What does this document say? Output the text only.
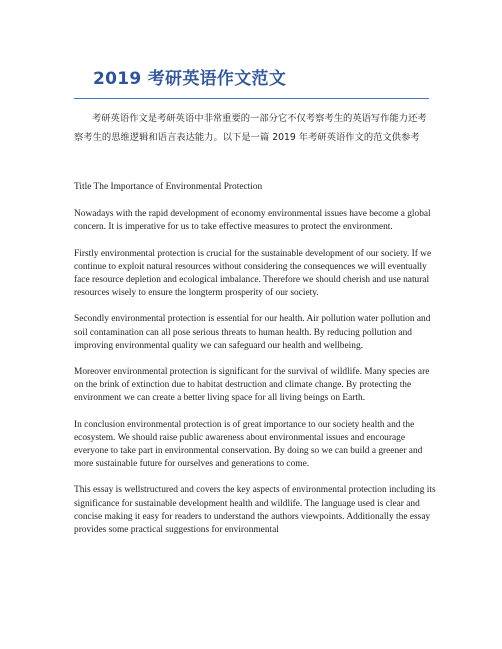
2019 考研英语作文范文

考研英语作文是考研英语中非常重要的一部分它不仅考察考生的英语写作能力还考察考生的思维逻辑和语言表达能力。以下是一篇 2019 年考研英语作文的范文供参考

Title The Importance of Environmental Protection

Nowadays with the rapid development of economy environmental issues have become a global concern. It is imperative for us to take effective measures to protect the environment.

Firstly environmental protection is crucial for the sustainable development of our society. If we continue to exploit natural resources without considering the consequences we will eventually face resource depletion and ecological imbalance. Therefore we should cherish and use natural resources wisely to ensure the longterm prosperity of our society.

Secondly environmental protection is essential for our health. Air pollution water pollution and soil contamination can all pose serious threats to human health. By reducing pollution and improving environmental quality we can safeguard our health and wellbeing.

Moreover environmental protection is significant for the survival of wildlife. Many species are on the brink of extinction due to habitat destruction and climate change. By protecting the environment we can create a better living space for all living beings on Earth.

In conclusion environmental protection is of great importance to our society health and the ecosystem. We should raise public awareness about environmental issues and encourage everyone to take part in environmental conservation. By doing so we can build a greener and more sustainable future for ourselves and generations to come.

This essay is wellstructured and covers the key aspects of environmental protection including its significance for sustainable development health and wildlife. The language used is clear and concise making it easy for readers to understand the authors viewpoints. Additionally the essay provides some practical suggestions for environmental
